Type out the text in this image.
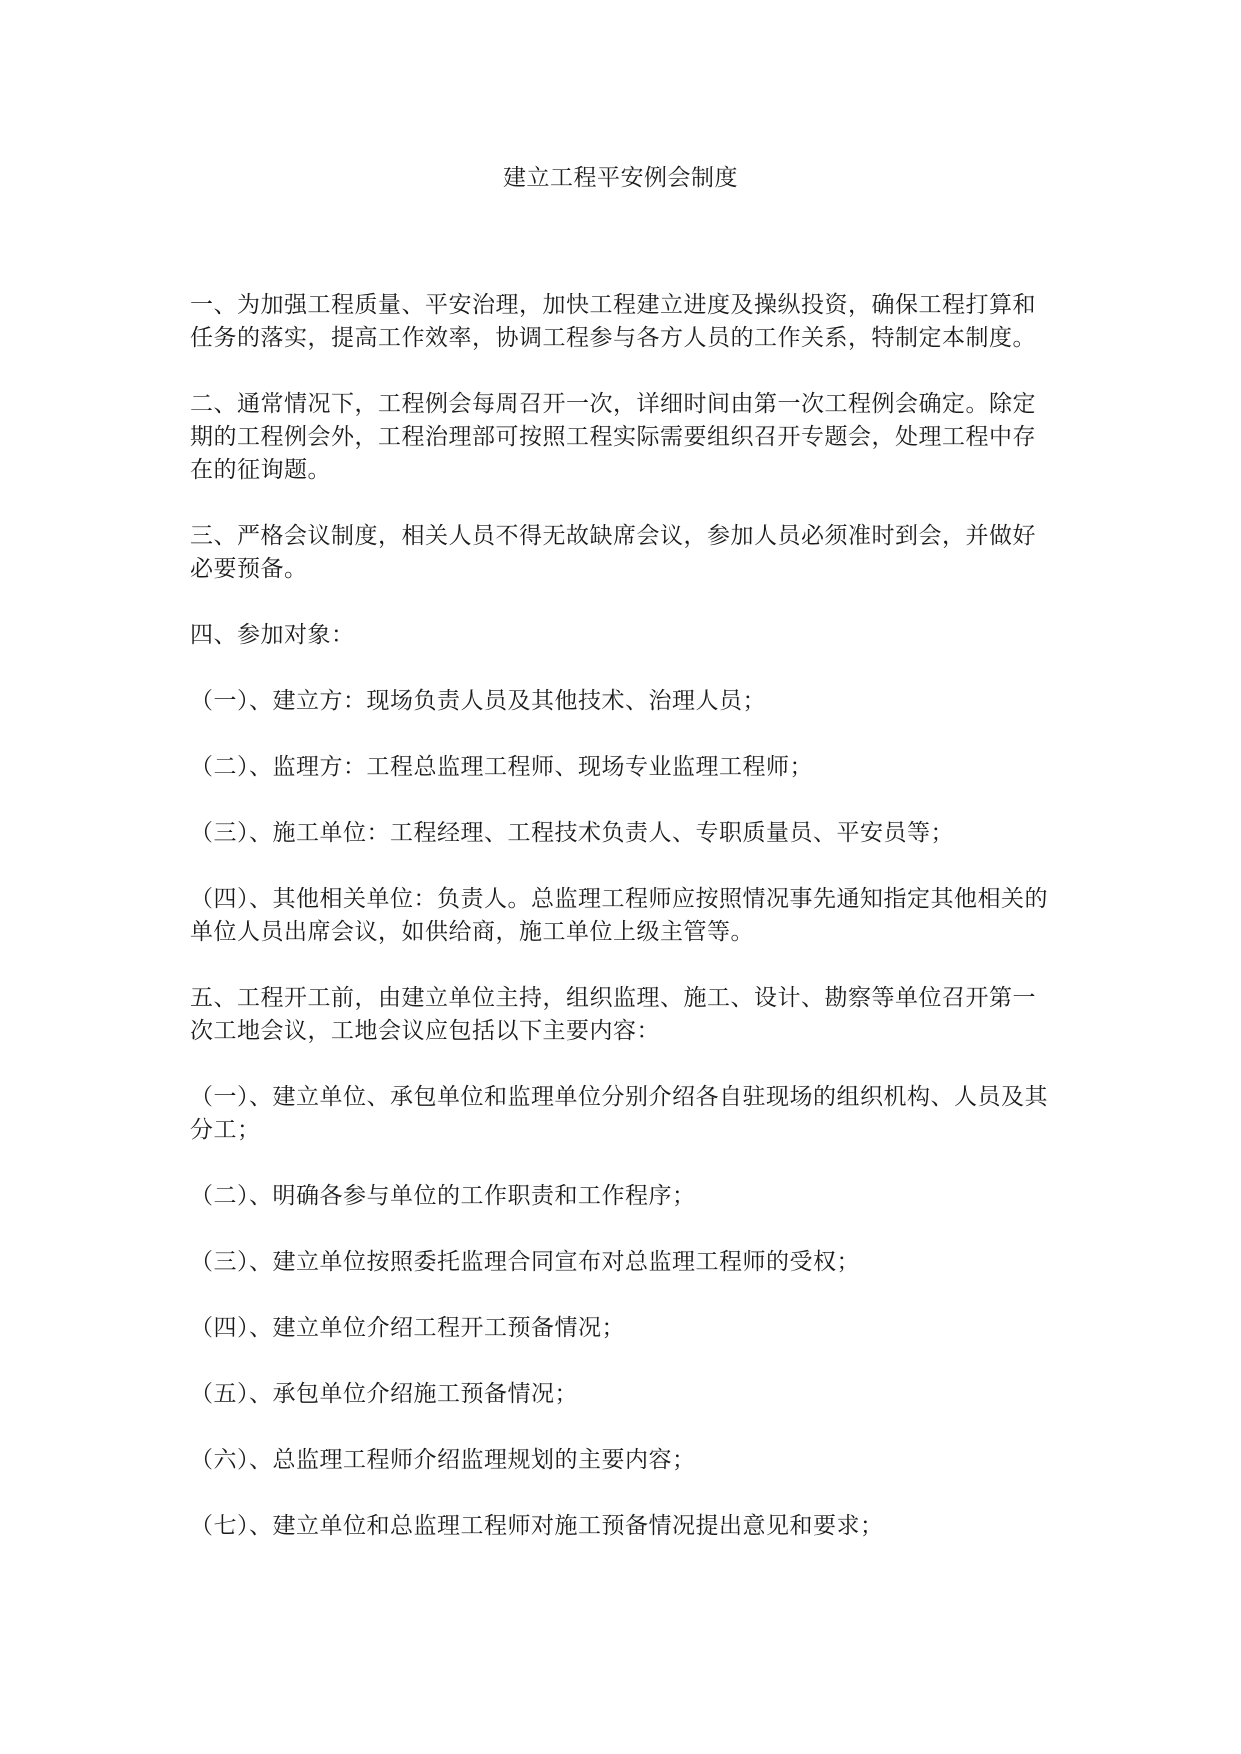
建立工程平安例会制度

一、为加强工程质量、平安治理，加快工程建立进度及操纵投资，确保工程打算和任务的落实，提高工作效率，协调工程参与各方人员的工作关系，特制定本制度。

二、通常情况下，工程例会每周召开一次，详细时间由第一次工程例会确定。除定期的工程例会外，工程治理部可按照工程实际需要组织召开专题会，处理工程中存在的征询题。

三、严格会议制度，相关人员不得无故缺席会议，参加人员必须准时到会，并做好必要预备。

四、参加对象：

（一）、建立方：现场负责人员及其他技术、治理人员；

（二）、监理方：工程总监理工程师、现场专业监理工程师；

（三）、施工单位：工程经理、工程技术负责人、专职质量员、平安员等；

（四）、其他相关单位：负责人。总监理工程师应按照情况事先通知指定其他相关的单位人员出席会议，如供给商，施工单位上级主管等。

五、工程开工前，由建立单位主持，组织监理、施工、设计、勘察等单位召开第一次工地会议，工地会议应包括以下主要内容：

（一）、建立单位、承包单位和监理单位分别介绍各自驻现场的组织机构、人员及其分工；

（二）、明确各参与单位的工作职责和工作程序；

（三）、建立单位按照委托监理合同宣布对总监理工程师的受权；

（四）、建立单位介绍工程开工预备情况；

（五）、承包单位介绍施工预备情况；

（六）、总监理工程师介绍监理规划的主要内容；

（七）、建立单位和总监理工程师对施工预备情况提出意见和要求；
